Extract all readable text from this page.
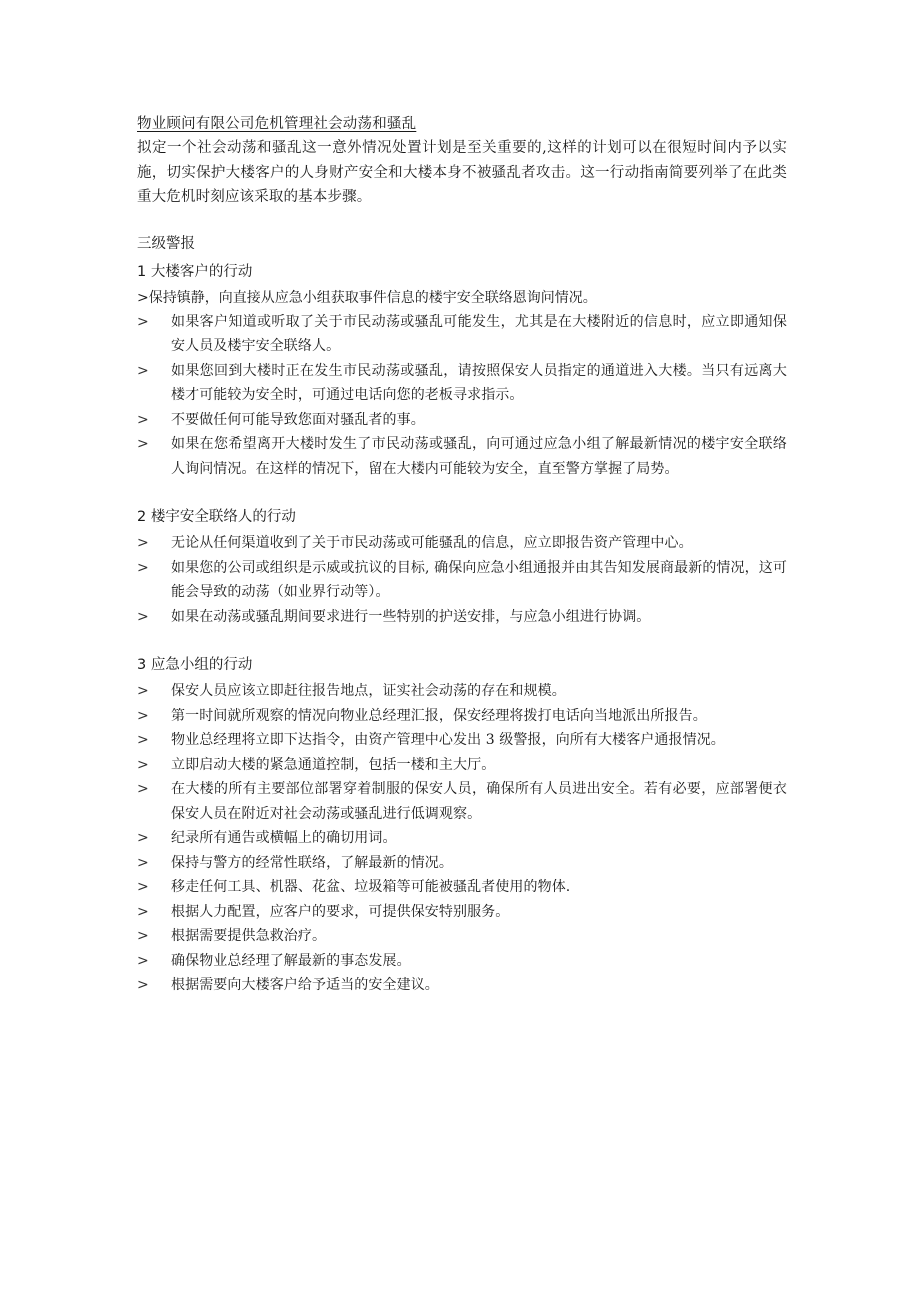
物业顾问有限公司危机管理社会动荡和骚乱

拟定一个社会动荡和骚乱这一意外情况处置计划是至关重要的,这样的计划可以在很短时间内予以实施，切实保护大楼客户的人身财产安全和大楼本身不被骚乱者攻击。这一行动指南简要列举了在此类重大危机时刻应该采取的基本步骤。

三级警报
1 大楼客户的行动

>保持镇静，向直接从应急小组获取事件信息的楼宇安全联络恩询问情况。

> 如果客户知道或听取了关于市民动荡或骚乱可能发生，尤其是在大楼附近的信息时，应立即通知保安人员及楼宇安全联络人。
> 如果您回到大楼时正在发生市民动荡或骚乱，请按照保安人员指定的通道进入大楼。当只有远离大楼才可能较为安全时，可通过电话向您的老板寻求指示。
> 不要做任何可能导致您面对骚乱者的事。
> 如果在您希望离开大楼时发生了市民动荡或骚乱，向可通过应急小组了解最新情况的楼宇安全联络人询问情况。在这样的情况下，留在大楼内可能较为安全，直至警方掌握了局势。
2 楼宇安全联络人的行动
> 无论从任何渠道收到了关于市民动荡或可能骚乱的信息，应立即报告资产管理中心。
> 如果您的公司或组织是示威或抗议的目标, 确保向应急小组通报并由其告知发展商最新的情况，这可能会导致的动荡（如业界行动等）。
> 如果在动荡或骚乱期间要求进行一些特别的护送安排，与应急小组进行协调。
3 应急小组的行动
> 保安人员应该立即赶往报告地点，证实社会动荡的存在和规模。
> 第一时间就所观察的情况向物业总经理汇报，保安经理将拨打电话向当地派出所报告。
> 物业总经理将立即下达指令，由资产管理中心发出 3 级警报，向所有大楼客户通报情况。
> 立即启动大楼的紧急通道控制，包括一楼和主大厅。
> 在大楼的所有主要部位部署穿着制服的保安人员，确保所有人员进出安全。若有必要，应部署便衣保安人员在附近对社会动荡或骚乱进行低调观察。
> 纪录所有通告或横幅上的确切用词。
> 保持与警方的经常性联络，了解最新的情况。
> 移走任何工具、机器、花盆、垃圾箱等可能被骚乱者使用的物体.
> 根据人力配置，应客户的要求，可提供保安特别服务。
> 根据需要提供急救治疗。
> 确保物业总经理了解最新的事态发展。
> 根据需要向大楼客户给予适当的安全建议。
